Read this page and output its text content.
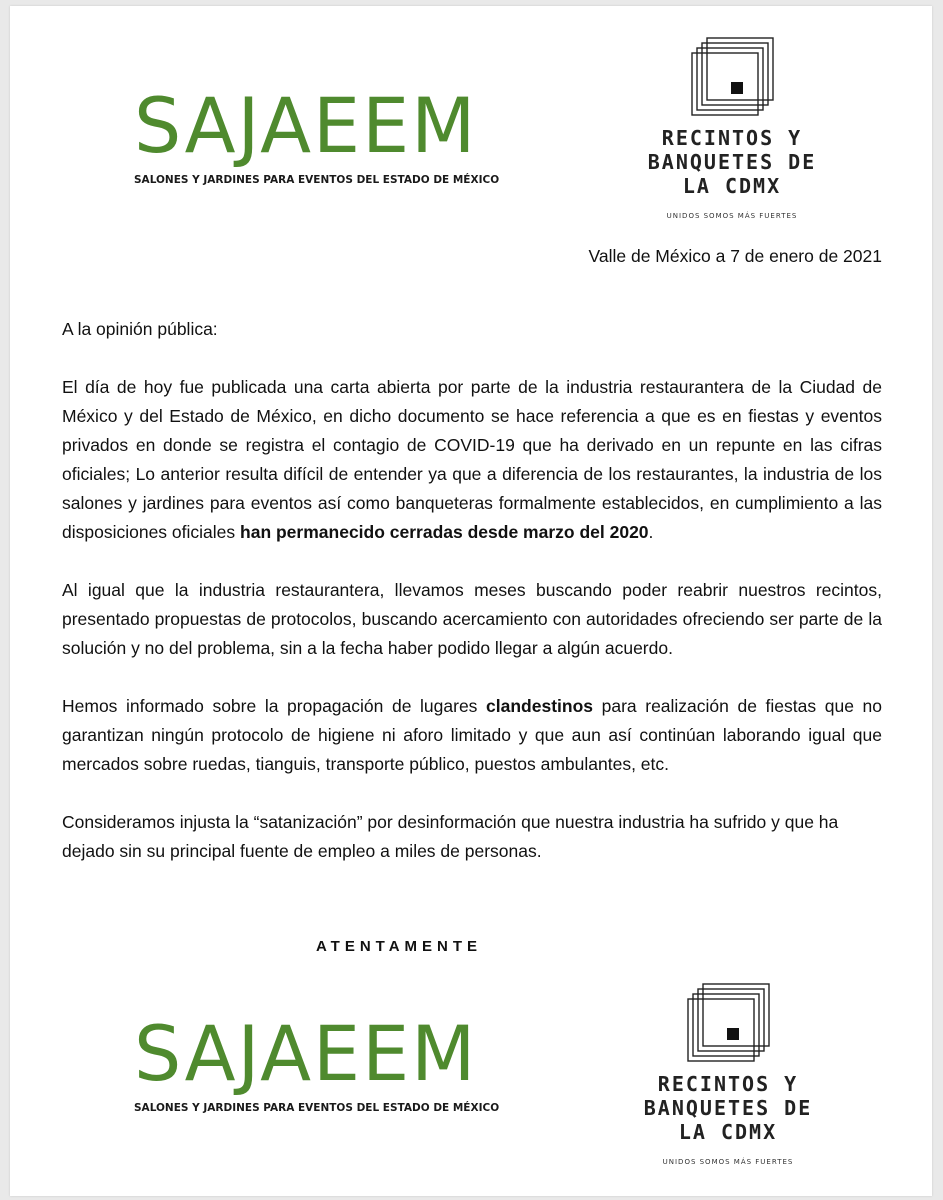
SAJAEEM
SALONES Y JARDINES PARA EVENTOS DEL ESTADO DE MÉXICO
RECINTOS Y
BANQUETES DE
LA CDMX
UNIDOS SOMOS MÁS FUERTES
Valle de México a 7 de enero de 2021
A la opinión pública:

El día de hoy fue publicada una carta abierta por parte de la industria restaurantera de la Ciudad de México y del Estado de México, en dicho documento se hace referencia a que es en fiestas y eventos privados en donde se registra el contagio de COVID-19 que ha derivado en un repunte en las cifras oficiales; Lo anterior resulta difícil de entender ya que a diferencia de los restaurantes, la industria de los salones y jardines para eventos así como banqueteras formalmente establecidos, en cumplimiento a las disposiciones oficiales han permanecido cerradas desde marzo del 2020.

Al igual que la industria restaurantera, llevamos meses buscando poder reabrir nuestros recintos, presentado propuestas de protocolos, buscando acercamiento con autoridades ofreciendo ser parte de la solución y no del problema, sin a la fecha haber podido llegar a algún acuerdo.

Hemos informado sobre la propagación de lugares clandestinos para realización de fiestas que no garantizan ningún protocolo de higiene ni aforo limitado y que aun así continúan laborando igual que mercados sobre ruedas, tianguis, transporte público, puestos ambulantes, etc.

Consideramos injusta la “satanización” por desinformación que nuestra industria ha sufrido y que ha dejado sin su principal fuente de empleo a miles de personas.

ATENTAMENTE
SAJAEEM
SALONES Y JARDINES PARA EVENTOS DEL ESTADO DE MÉXICO
RECINTOS Y
BANQUETES DE
LA CDMX
UNIDOS SOMOS MÁS FUERTES
